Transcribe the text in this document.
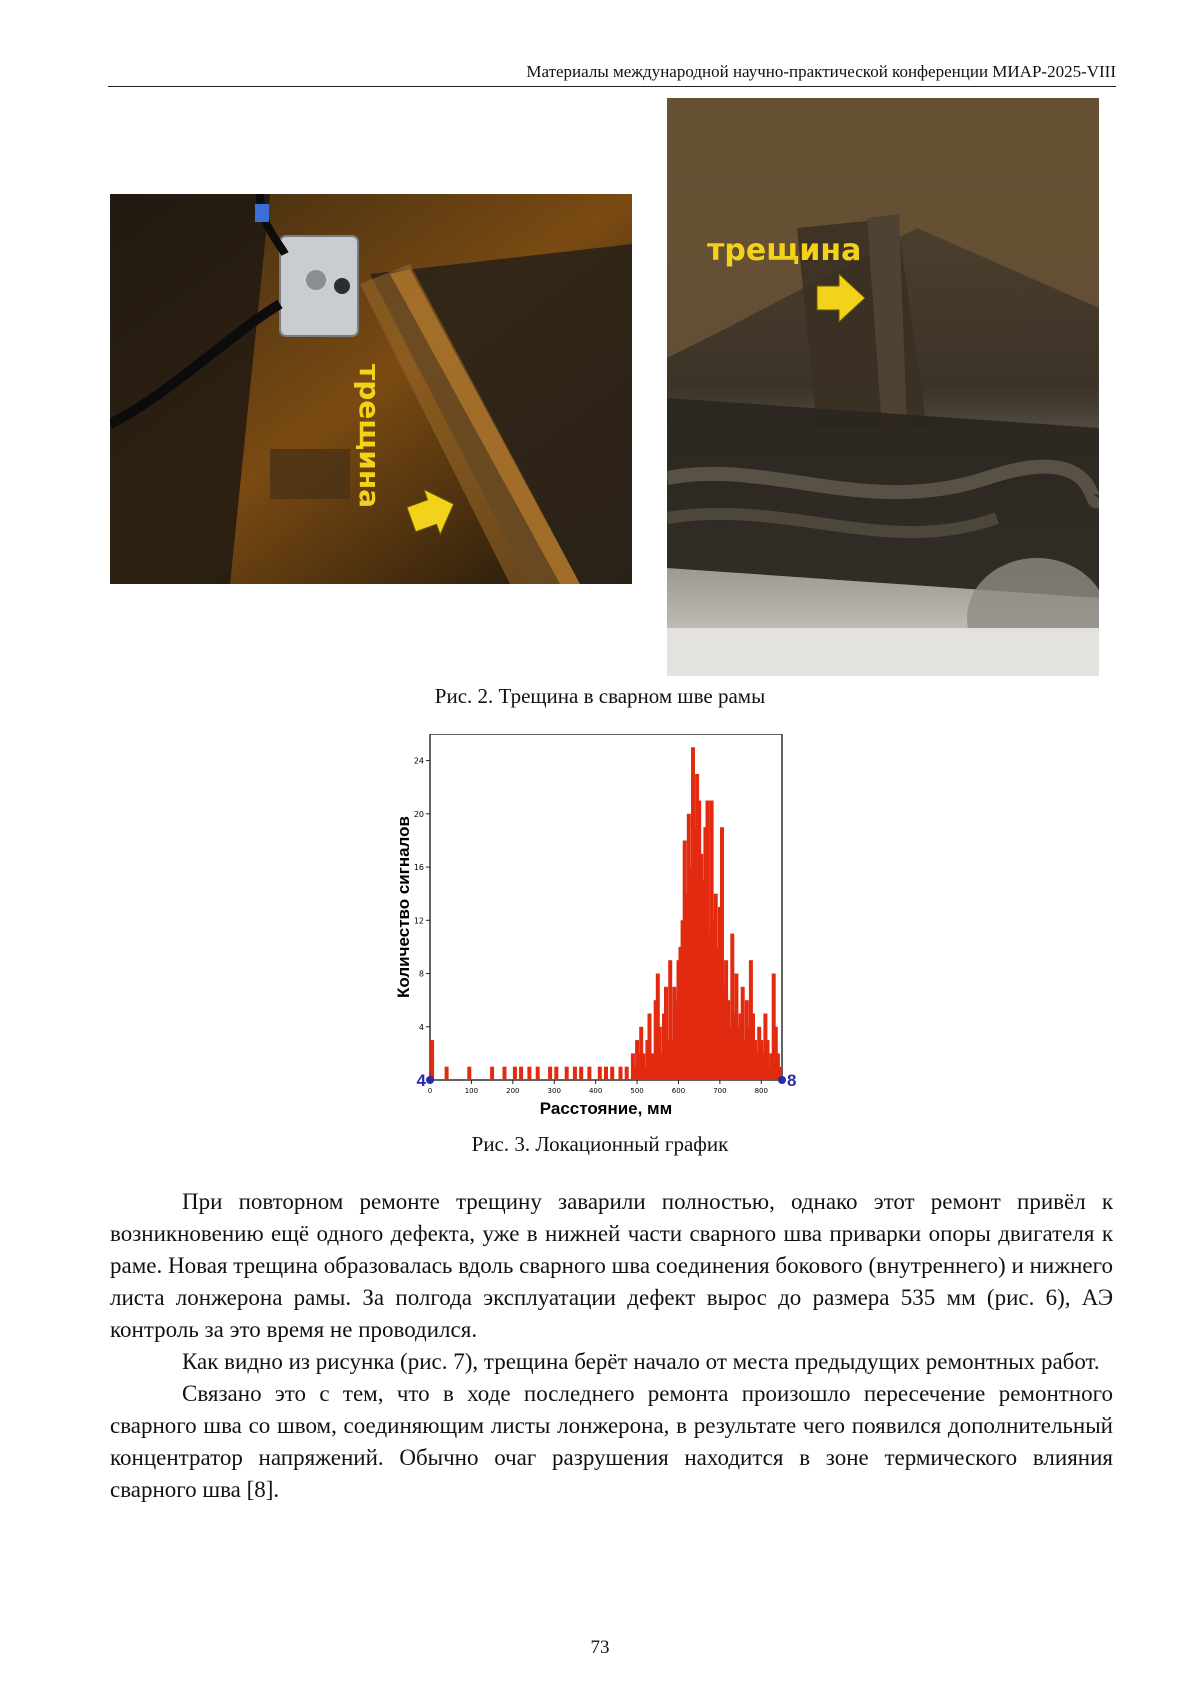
Материалы международной научно-практической конференции МИАР-2025-VIII
трещина
трещина
Рис. 2. Трещина в сварном шве рамы
4
8
12
16
20
24
0	100	200	300	400	500	600	700	800
Количество сигналов
Расстояние, мм
4	8
Рис. 3. Локационный график

При повторном ремонте трещину заварили полностью, однако этот ремонт привёл к возникновению ещё одного дефекта, уже в нижней части сварного шва приварки опоры двигателя к раме. Новая трещина образовалась вдоль сварного шва соединения бокового (внутреннего) и нижнего листа лонжерона рамы. За полгода эксплуатации дефект вырос до размера 535 мм (рис. 6), АЭ контроль за это время не проводился.

Как видно из рисунка (рис. 7), трещина берёт начало от места предыдущих ремонтных работ.

Связано это с тем, что в ходе последнего ремонта произошло пересечение ремонтного сварного шва со швом, соединяющим листы лонжерона, в результате чего появился дополнительный концентратор напряжений. Обычно очаг разрушения находится в зоне термического влияния сварного шва [8].

73
